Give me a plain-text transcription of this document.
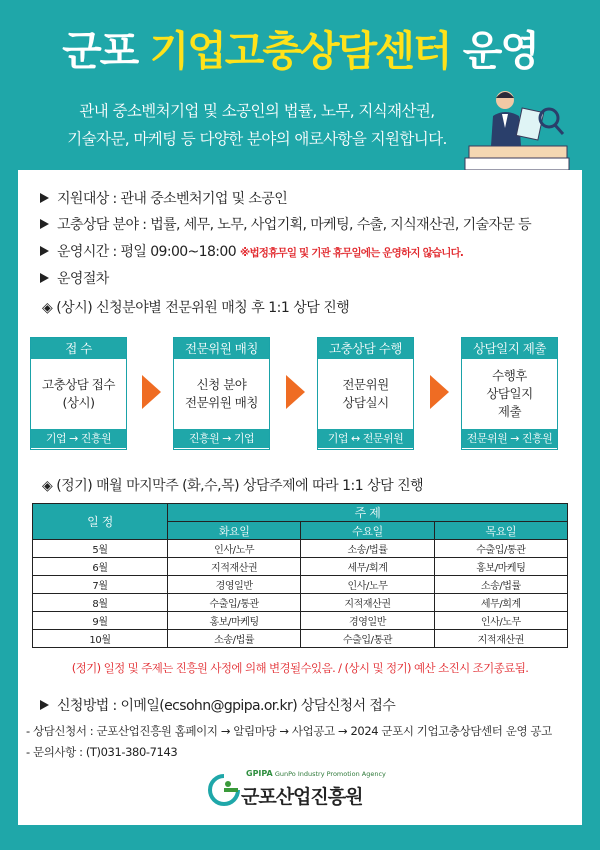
군포 기업고충상담센터 운영
관내 중소벤처기업 및 소공인의 법률, 노무, 지식재산권,
기술자문, 마케팅 등 다양한 분야의 애로사항을 지원합니다.
지원대상 : 관내 중소벤처기업 및 소공인
고충상담 분야 : 법률, 세무, 노무, 사업기획, 마케팅, 수출, 지식재산권, 기술자문 등
운영시간 : 평일 09:00~18:00 ※법정휴무일 및 기관 휴무일에는 운영하지 않습니다.
운영절차
◈ (상시) 신청분야별 전문위원 매칭 후 1:1 상담 진행
접 수
고충상담 접수
(상시)
기업 → 진흥원
전문위원 매칭
신청 분야
전문위원 매칭
진흥원 → 기업
고충상담 수행
전문위원
상담실시
기업 ↔ 전문위원
상담일지 제출
수행후
상담일지
제출
전문위원 → 진흥원
◈ (정기) 매월 마지막주 (화,수,목) 상담주제에 따라 1:1 상담 진행
일 정	주 제		
	화요일	수요일	목요일
5월	인사/노무	소송/법률	수출입/통관
6월	지적재산권	세무/회계	홍보/마케팅
7월	경영일반	인사/노무	소송/법률
8월	수출입/통관	지적재산권	세무/회계
9월	홍보/마케팅	경영일반	인사/노무
10월	소송/법률	수출입/통관	지적재산권
(정기) 일정 및 주제는 진흥원 사정에 의해 변경될수있음. / (상시 및 정기) 예산 소진시 조기종료됨.
신청방법 : 이메일(ecsohn@gpipa.or.kr) 상담신청서 접수
- 상담신청서 : 군포산업진흥원 홈페이지 → 알림마당 → 사업공고 → 2024 군포시 기업고충상담센터 운영 공고
- 문의사항 : (T)031-380-7143
GPIPA GunPo Industry Promotion Agency
군포산업진흥원
